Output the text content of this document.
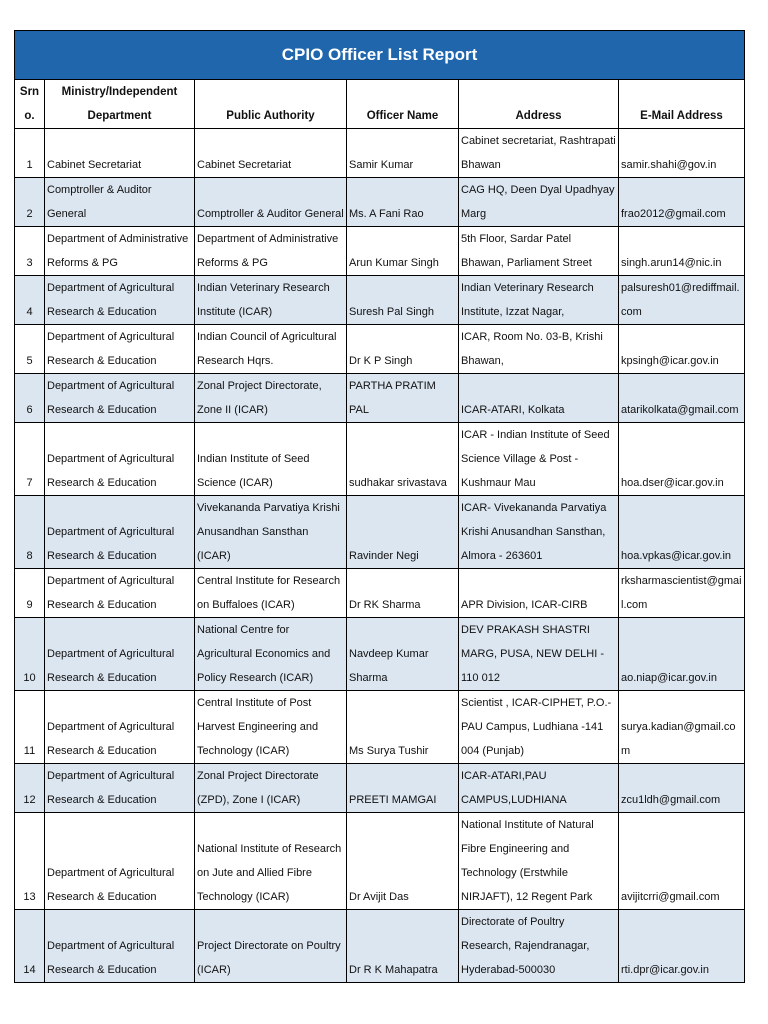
CPIO Officer List Report					
Srno.	Ministry/Independent Department	Public Authority	Officer Name	Address	E-Mail Address
1	Cabinet Secretariat	Cabinet Secretariat	Samir Kumar	Cabinet secretariat, Rashtrapati Bhawan	samir.shahi@gov.in
2	Comptroller & Auditor General	Comptroller & Auditor General	Ms. A Fani Rao	CAG HQ, Deen Dyal Upadhyay Marg	frao2012@gmail.com
3	Department of Administrative Reforms & PG	Department of Administrative Reforms & PG	Arun Kumar Singh	5th Floor, Sardar Patel Bhawan, Parliament Street	singh.arun14@nic.in
4	Department of Agricultural Research & Education	Indian Veterinary Research Institute (ICAR)	Suresh Pal Singh	Indian Veterinary Research Institute, Izzat Nagar,	palsuresh01@rediffmail.com
5	Department of Agricultural Research & Education	Indian Council of Agricultural Research Hqrs.	Dr K P Singh	ICAR, Room No. 03-B, Krishi Bhawan,	kpsingh@icar.gov.in
6	Department of Agricultural Research & Education	Zonal Project Directorate, Zone II (ICAR)	PARTHA PRATIM PAL	ICAR-ATARI, Kolkata	atarikolkata@gmail.com
7	Department of Agricultural Research & Education	Indian Institute of Seed Science (ICAR)	sudhakar srivastava	ICAR - Indian Institute of Seed Science Village & Post - Kushmaur Mau	hoa.dser@icar.gov.in
8	Department of Agricultural Research & Education	Vivekananda Parvatiya Krishi Anusandhan Sansthan (ICAR)	Ravinder Negi	ICAR- Vivekananda Parvatiya Krishi Anusandhan Sansthan, Almora - 263601	hoa.vpkas@icar.gov.in
9	Department of Agricultural Research & Education	Central Institute for Research on Buffaloes (ICAR)	Dr RK Sharma	APR Division, ICAR-CIRB	rksharmascientist@gmail.com
10	Department of Agricultural Research & Education	National Centre for Agricultural Economics and Policy Research (ICAR)	Navdeep Kumar Sharma	DEV PRAKASH SHASTRI MARG, PUSA, NEW DELHI - 110 012	ao.niap@icar.gov.in
11	Department of Agricultural Research & Education	Central Institute of Post Harvest Engineering and Technology (ICAR)	Ms Surya Tushir	Scientist , ICAR-CIPHET, P.O.- PAU Campus, Ludhiana -141 004 (Punjab)	surya.kadian@gmail.com
12	Department of Agricultural Research & Education	Zonal Project Directorate (ZPD), Zone I (ICAR)	PREETI MAMGAI	ICAR-ATARI,PAU CAMPUS,LUDHIANA	zcu1ldh@gmail.com
13	Department of Agricultural Research & Education	National Institute of Research on Jute and Allied Fibre Technology (ICAR)	Dr Avijit Das	National Institute of Natural Fibre Engineering and Technology (Erstwhile NIRJAFT), 12 Regent Park	avijitcrri@gmail.com
14	Department of Agricultural Research & Education	Project Directorate on Poultry (ICAR)	Dr R K Mahapatra	Directorate of Poultry Research, Rajendranagar, Hyderabad-500030	rti.dpr@icar.gov.in
